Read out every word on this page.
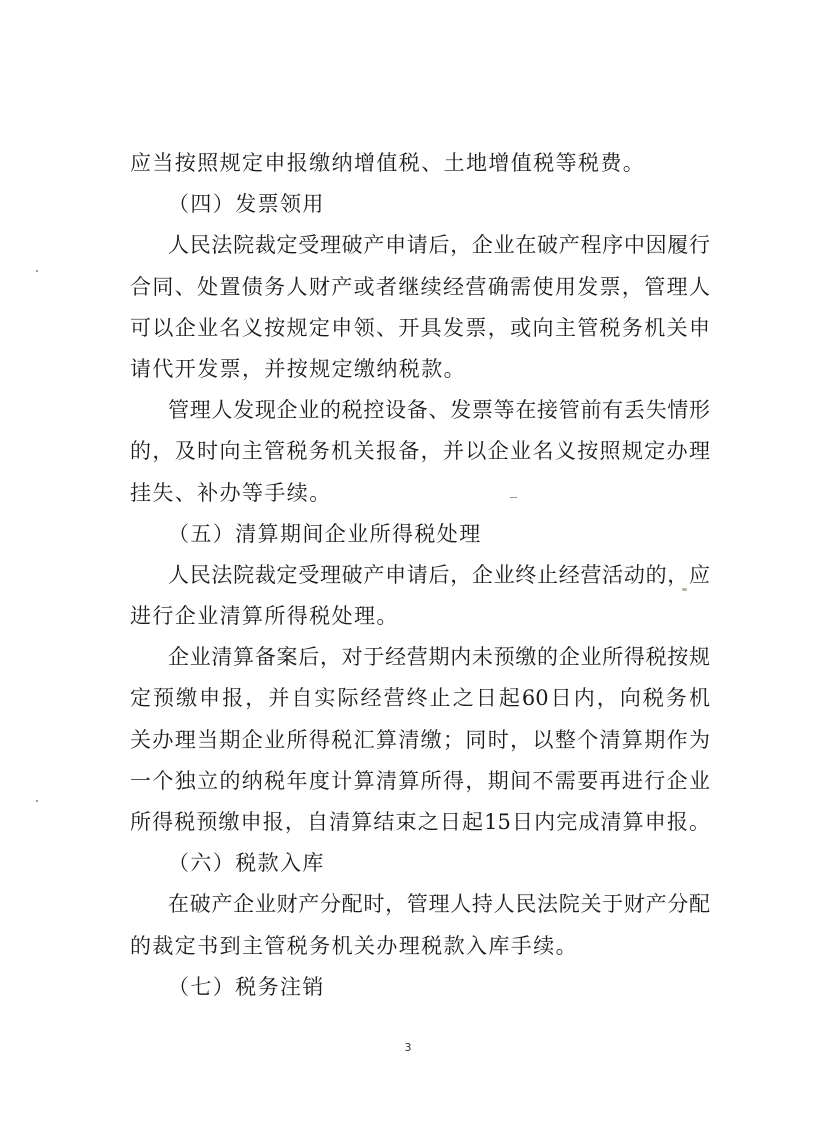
应当按照规定申报缴纳增值税、土地增值税等税费。
（四）发票领用
人民法院裁定受理破产申请后，企业在破产程序中因履行
合同、处置债务人财产或者继续经营确需使用发票，管理人
可以企业名义按规定申领、开具发票，或向主管税务机关申
请代开发票，并按规定缴纳税款。
管理人发现企业的税控设备、发票等在接管前有丢失情形
的，及时向主管税务机关报备，并以企业名义按照规定办理
挂失、补办等手续。
（五）清算期间企业所得税处理
人民法院裁定受理破产申请后，企业终止经营活动的，应
进行企业清算所得税处理。
企业清算备案后，对于经营期内未预缴的企业所得税按规
定预缴申报，并自实际经营终止之日起60日内，向税务机
关办理当期企业所得税汇算清缴；同时，以整个清算期作为
一个独立的纳税年度计算清算所得，期间不需要再进行企业
所得税预缴申报，自清算结束之日起15日内完成清算申报。
（六）税款入库
在破产企业财产分配时，管理人持人民法院关于财产分配
的裁定书到主管税务机关办理税款入库手续。
（七）税务注销
3
